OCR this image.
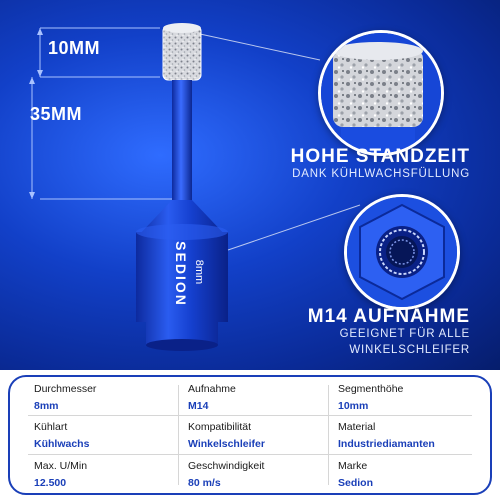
10MM
35MM
SEDION 8mm
HOHE STANDZEIT
DANK KÜHLWACHSFÜLLUNG
M14 AUFNAHME
GEEIGNET FÜR ALLE
WINKELSCHLEIFER
Durchmesser
8mm
Aufnahme
M14
Segmenthöhe
10mm
Kühlart
Kühlwachs
Kompatibilität
Winkelschleifer
Material
Industriediamanten
Max. U/Min
12.500
Geschwindigkeit
80 m/s
Marke
Sedion
